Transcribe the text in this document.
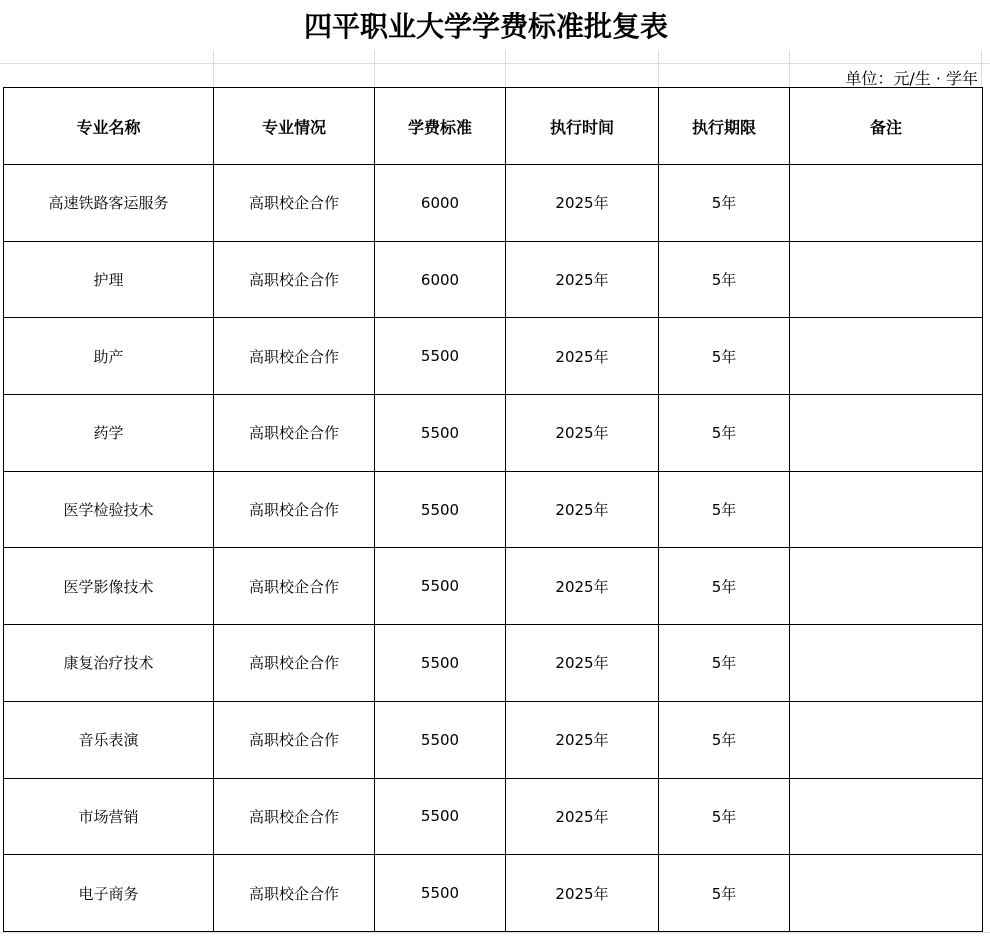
四平职业大学学费标准批复表
单位：元/生 · 学年
专业名称	专业情况	学费标准	执行时间	执行期限	备注
高速铁路客运服务	高职校企合作	6000	2025年	5年	
护理	高职校企合作	6000	2025年	5年	
助产	高职校企合作	5500	2025年	5年	
药学	高职校企合作	5500	2025年	5年	
医学检验技术	高职校企合作	5500	2025年	5年	
医学影像技术	高职校企合作	5500	2025年	5年	
康复治疗技术	高职校企合作	5500	2025年	5年	
音乐表演	高职校企合作	5500	2025年	5年	
市场营销	高职校企合作	5500	2025年	5年	
电子商务	高职校企合作	5500	2025年	5年	
